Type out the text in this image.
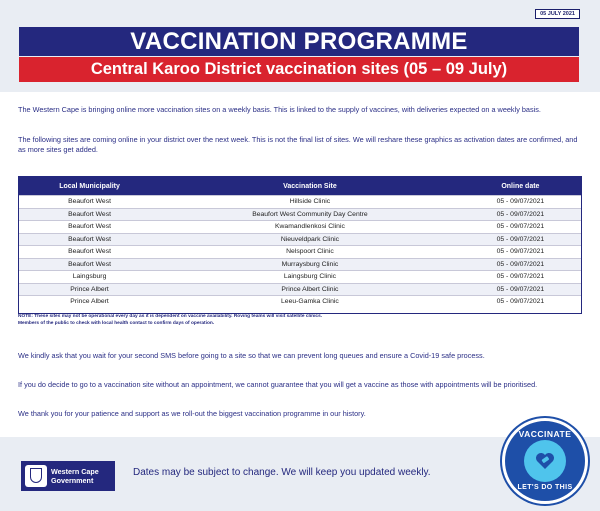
05 JULY 2021
VACCINATION PROGRAMME
Central Karoo District vaccination sites (05 – 09 July)
The Western Cape is bringing online more vaccination sites on a weekly basis. This is linked to the supply of vaccines, with deliveries expected on a weekly basis.
The following sites are coming online in your district over the next week. This is not the final list of sites. We will reshare these graphics as activation dates are confirmed, and as more sites get added.
Local Municipality	Vaccination Site	Online date
Beaufort West	Hillside Clinic	05 - 09/07/2021
Beaufort West	Beaufort West Community Day Centre	05 - 09/07/2021
Beaufort West	Kwamandlenkosi Clinic	05 - 09/07/2021
Beaufort West	Nieuveldpark Clinic	05 - 09/07/2021
Beaufort West	Nelspoort Clinic	05 - 09/07/2021
Beaufort West	Murraysburg Clinic	05 - 09/07/2021
Laingsburg	Laingsburg Clinic	05 - 09/07/2021
Prince Albert	Prince Albert Clinic	05 - 09/07/2021
Prince Albert	Leeu-Gamka Clinic	05 - 09/07/2021
NOTE: These sites may not be operational every day as it is dependent on vaccine availability. Roving teams will visit satellite clinics.
Members of the public to check with local health contact to confirm days of operation.
We kindly ask that you wait for your second SMS before going to a site so that we can prevent long queues and ensure a Covid-19 safe process.
If you do decide to go to a vaccination site without an appointment, we cannot guarantee that you will get a vaccine as those with appointments will be prioritised.
We thank you for your patience and support as we roll-out the biggest vaccination programme in our history.
Western Cape
Government
Dates may be subject to change. We will keep you updated weekly.
VACCINATE
LET'S DO THIS
